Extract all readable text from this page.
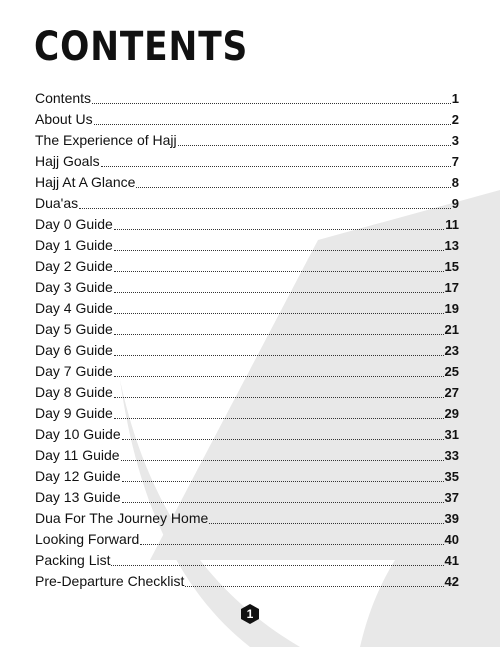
CONTENTS
Contents	1
About Us	2
The Experience of Hajj	3
Hajj Goals	7
Hajj At A Glance	8
Dua'as	9
Day 0 Guide	11
Day 1 Guide	13
Day 2 Guide	15
Day 3 Guide	17
Day 4 Guide	19
Day 5 Guide	21
Day 6 Guide	23
Day 7 Guide	25
Day 8 Guide	27
Day 9 Guide	29
Day 10 Guide	31
Day 11 Guide	33
Day 12 Guide	35
Day 13 Guide	37
Dua For The Journey Home	39
Looking Forward	40
Packing List	41
Pre-Departure Checklist	42
1
